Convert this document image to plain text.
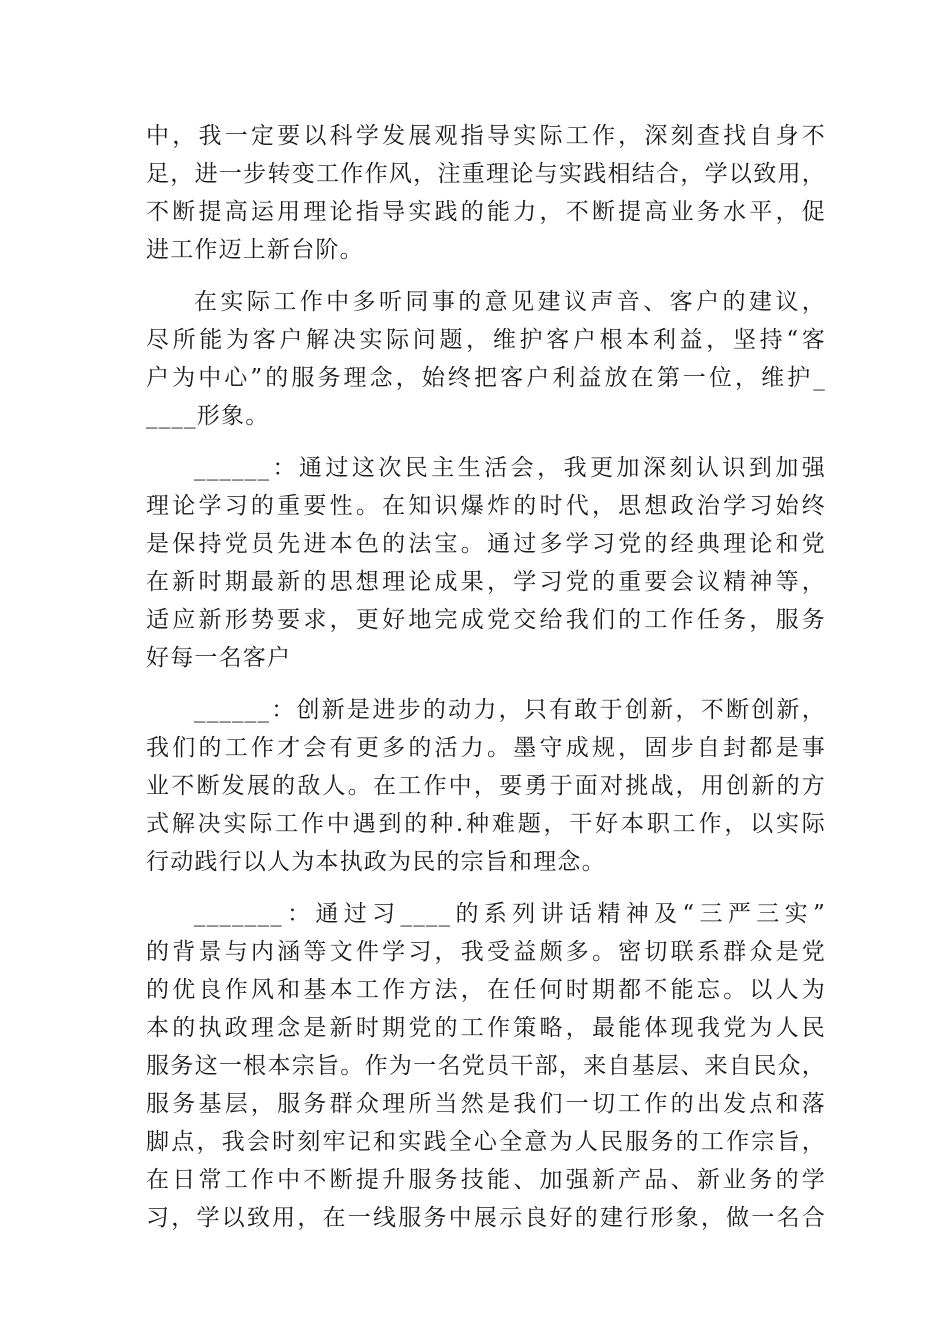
中，我一定要以科学发展观指导实际工作，深刻查找自身不
足，进一步转变工作作风，注重理论与实践相结合，学以致用，
不断提高运用理论指导实践的能力，不断提高业务水平，促
进工作迈上新台阶。
在实际工作中多听同事的意见建议声音、客户的建议，
尽所能为客户解决实际问题，维护客户根本利益，坚持“客
户为中心”的服务理念，始终把客户利益放在第一位，维护_
____形象。
______：通过这次民主生活会，我更加深刻认识到加强
理论学习的重要性。在知识爆炸的时代，思想政治学习始终
是保持党员先进本色的法宝。通过多学习党的经典理论和党
在新时期最新的思想理论成果，学习党的重要会议精神等，
适应新形势要求，更好地完成党交给我们的工作任务，服务
好每一名客户
______：创新是进步的动力，只有敢于创新，不断创新，
我们的工作才会有更多的活力。墨守成规，固步自封都是事
业不断发展的敌人。在工作中，要勇于面对挑战，用创新的方
式解决实际工作中遇到的种.种难题，干好本职工作，以实际
行动践行以人为本执政为民的宗旨和理念。
_______：通过习____的系列讲话精神及“三严三实”
的背景与内涵等文件学习，我受益颇多。密切联系群众是党
的优良作风和基本工作方法，在任何时期都不能忘。以人为
本的执政理念是新时期党的工作策略，最能体现我党为人民
服务这一根本宗旨。作为一名党员干部，来自基层、来自民众，
服务基层，服务群众理所当然是我们一切工作的出发点和落
脚点，我会时刻牢记和实践全心全意为人民服务的工作宗旨，
在日常工作中不断提升服务技能、加强新产品、新业务的学
习，学以致用，在一线服务中展示良好的建行形象，做一名合
